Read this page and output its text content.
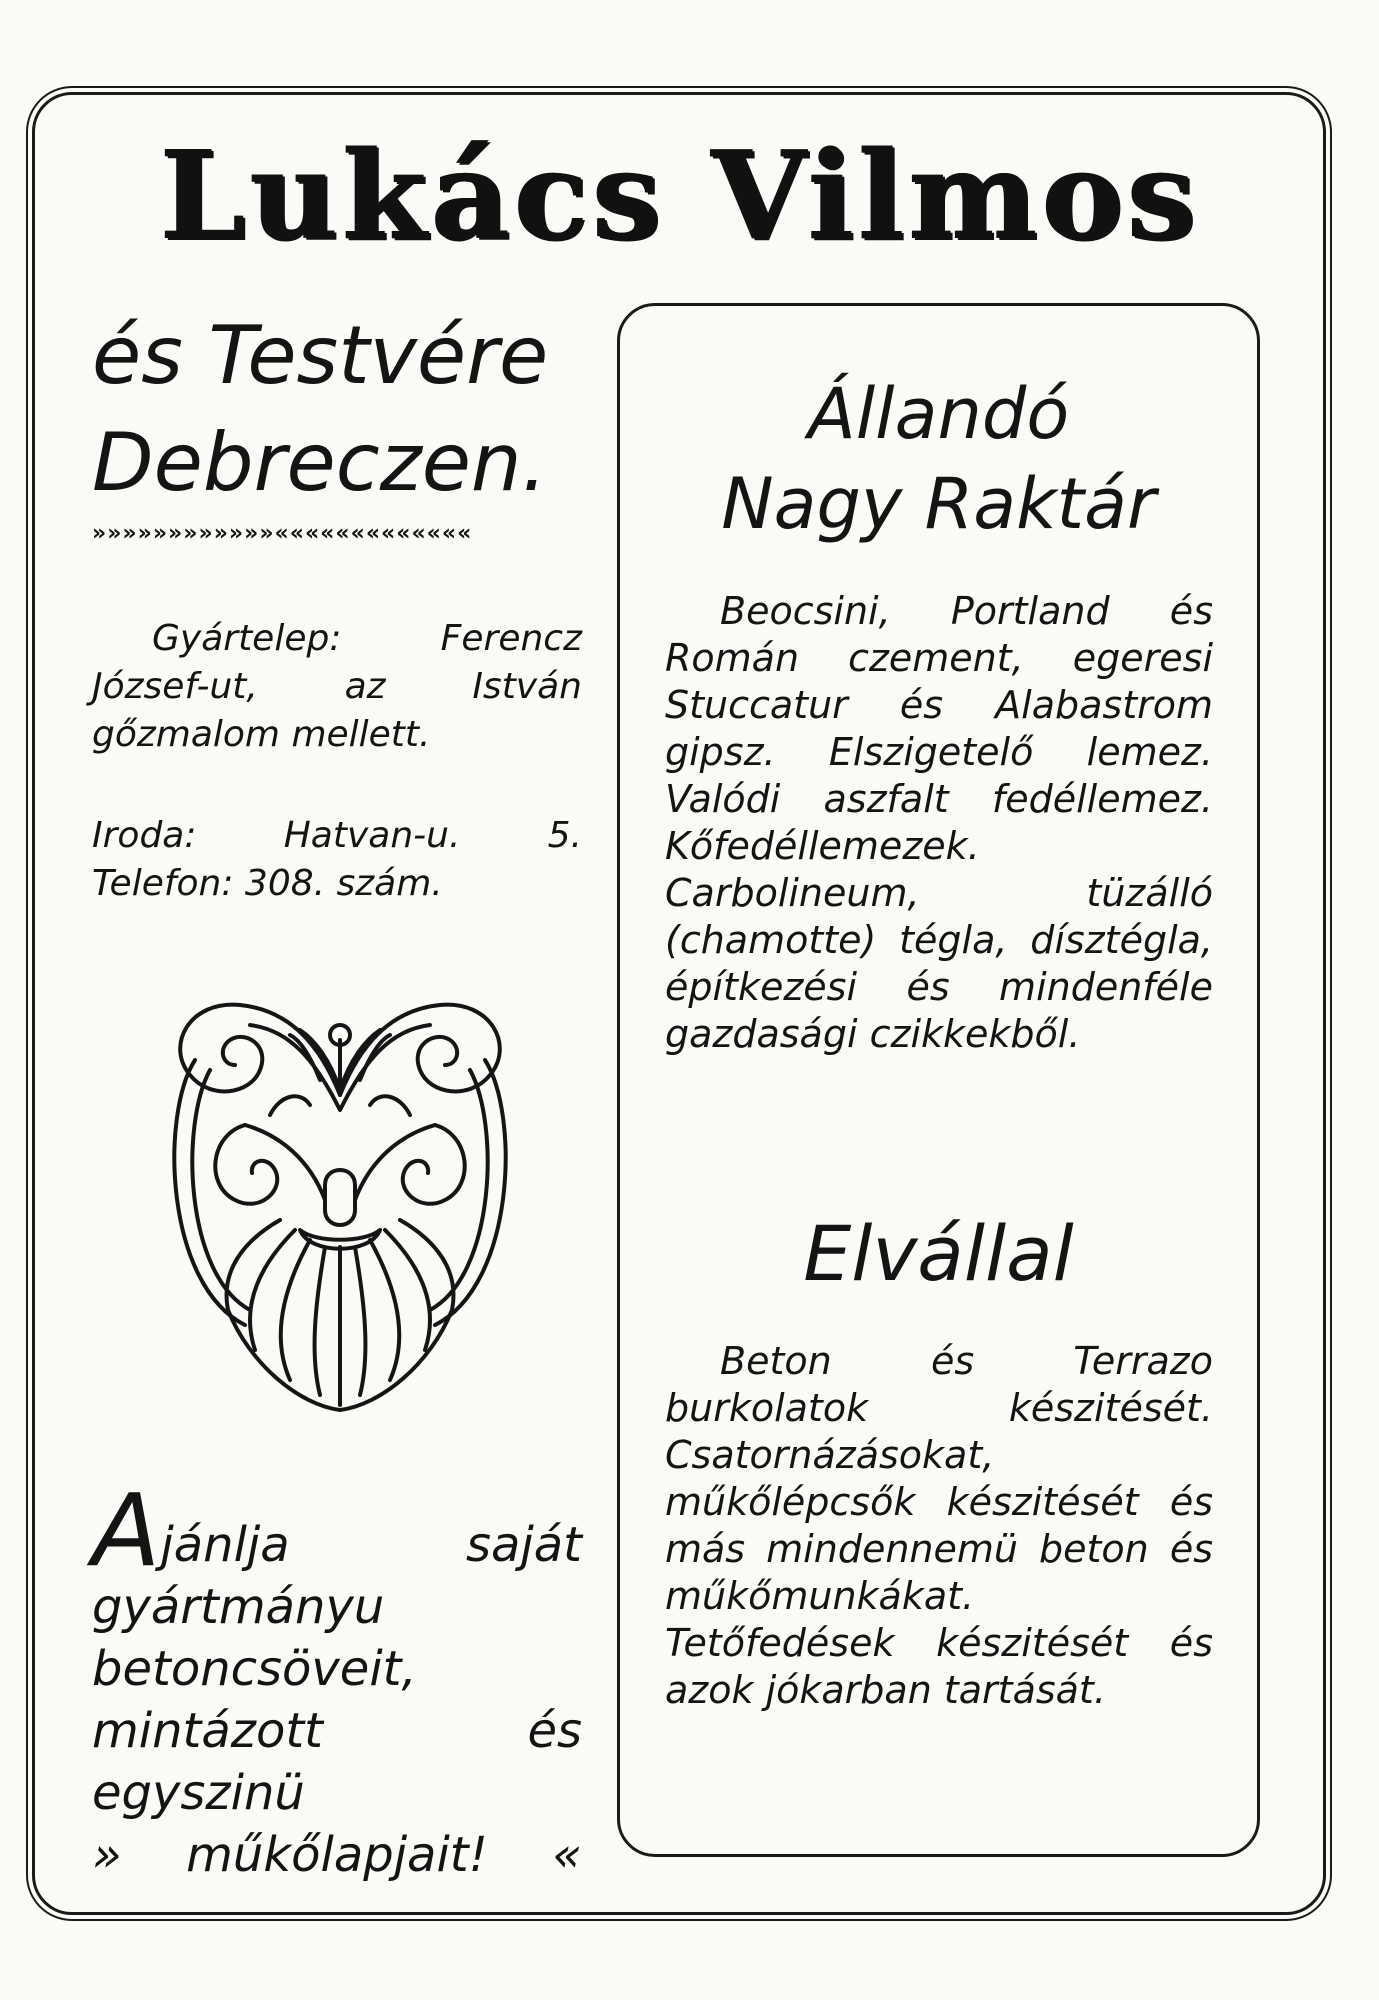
Lukács Vilmos
és Testvére
Debreczen.
»»»»»»»»»»»»«««««««««««««

Gyártelep: Ferencz József-ut, az István gőzmalom mellett.

Iroda: Hatvan-u. 5. Telefon: 308. szám.

Ajánlja saját gyártmányu betoncsöveit, mintázott és egyszinü
» műkőlapjait! «
Állandó
Nagy Raktár

Beocsini, Portland és Román czement, egeresi Stuccatur és Alabastrom gipsz. Elszigetelő lemez. Valódi aszfalt fedéllemez. Kőfedéllemezek. Carbolineum, tüzálló (chamotte) tégla, dísztégla, építkezési és mindenféle gazdasági czikkekből.

Elvállal

Beton és Terrazo burkolatok készitését. Csatornázásokat, műkőlépcsők készitését és más mindennemü beton és műkőmunkákat. Tetőfedések készitését és azok jókarban tartását.
